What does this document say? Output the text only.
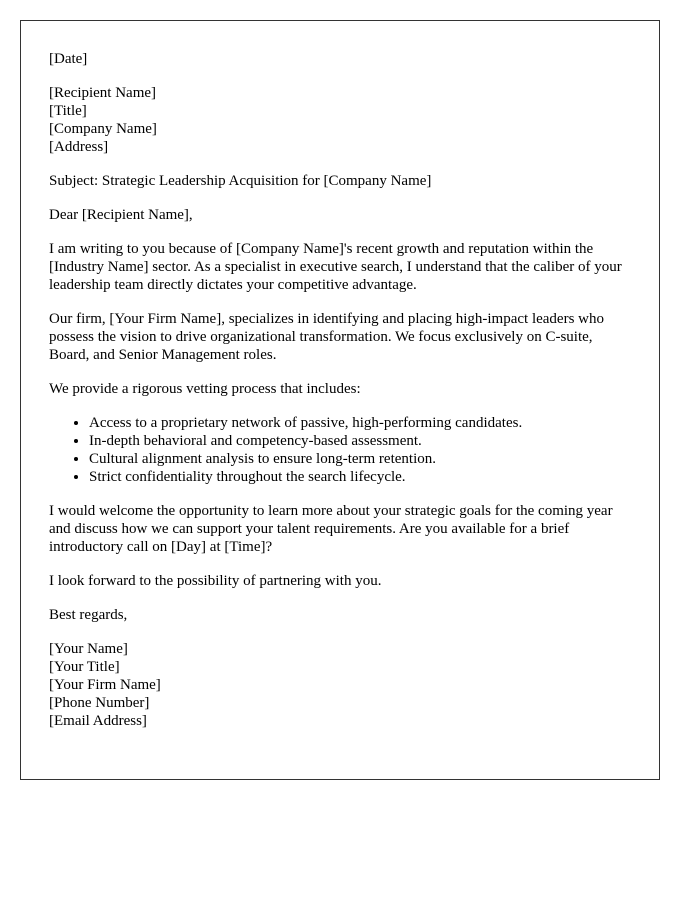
[Date]
[Recipient Name]
[Title]
[Company Name]
[Address]

Subject: Strategic Leadership Acquisition for [Company Name]

Dear [Recipient Name],

I am writing to you because of [Company Name]'s recent growth and reputation within the [Industry Name] sector. As a specialist in executive search, I understand that the caliber of your leadership team directly dictates your competitive advantage.

Our firm, [Your Firm Name], specializes in identifying and placing high-impact leaders who possess the vision to drive organizational transformation. We focus exclusively on C-suite, Board, and Senior Management roles.

We provide a rigorous vetting process that includes:

• Access to a proprietary network of passive, high-performing candidates.
• In-depth behavioral and competency-based assessment.
• Cultural alignment analysis to ensure long-term retention.
• Strict confidentiality throughout the search lifecycle.

I would welcome the opportunity to learn more about your strategic goals for the coming year and discuss how we can support your talent requirements. Are you available for a brief introductory call on [Day] at [Time]?

I look forward to the possibility of partnering with you.

Best regards,

[Your Name]
[Your Title]
[Your Firm Name]
[Phone Number]
[Email Address]
